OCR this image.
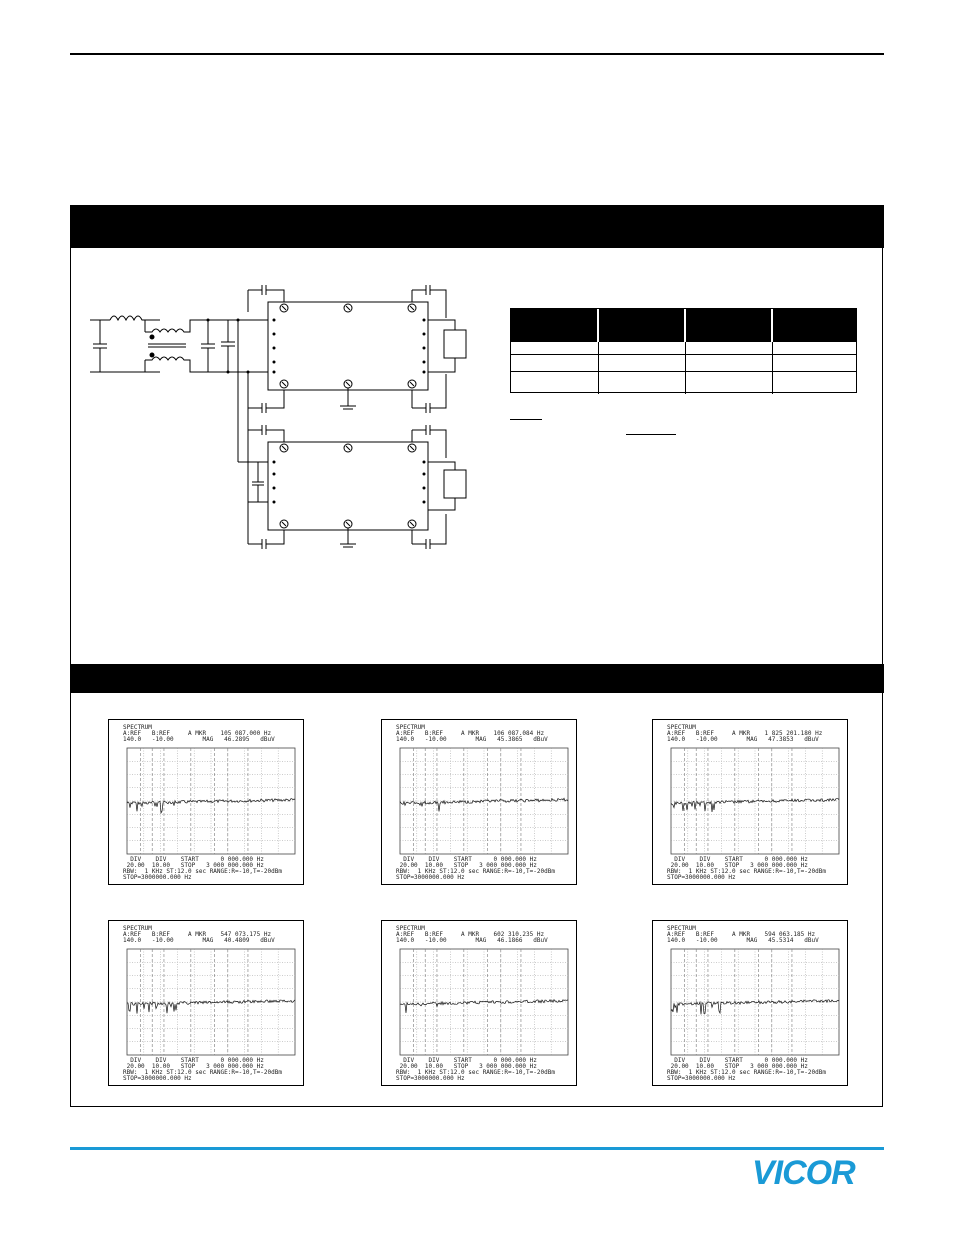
SPECTRUM
A:REF   B:REF     A MKR    105 087.000 Hz
140.0   -10.00        MAG   46.2895   dBuV
DIV    DIV    START      0 000.000 Hz
20.00  10.00   STOP   3 000 000.000 Hz
RBW:  1 KHz ST:12.0 sec RANGE:R=-10,T=-20dBm
STOP=3000000.000 Hz
SPECTRUM
A:REF   B:REF     A MKR    106 087.084 Hz
140.0   -10.00        MAG   45.3865   dBuV
DIV    DIV    START      0 000.000 Hz
20.00  10.00   STOP   3 000 000.000 Hz
RBW:  1 KHz ST:12.0 sec RANGE:R=-10,T=-20dBm
STOP=3000000.000 Hz
SPECTRUM
A:REF   B:REF     A MKR    1 825 201.180 Hz
140.0   -10.00        MAG   47.3853   dBuV
DIV    DIV    START      0 000.000 Hz
20.00  10.00   STOP   3 000 000.000 Hz
RBW:  1 KHz ST:12.0 sec RANGE:R=-10,T=-20dBm
STOP=3000000.000 Hz
SPECTRUM
A:REF   B:REF     A MKR    547 073.175 Hz
140.0   -10.00        MAG   40.4809   dBuV
DIV    DIV    START      0 000.000 Hz
20.00  10.00   STOP   3 000 000.000 Hz
RBW:  1 KHz ST:12.0 sec RANGE:R=-10,T=-20dBm
STOP=3000000.000 Hz
SPECTRUM
A:REF   B:REF     A MKR    602 310.235 Hz
140.0   -10.00        MAG   46.1866   dBuV
DIV    DIV    START      0 000.000 Hz
20.00  10.00   STOP   3 000 000.000 Hz
RBW:  1 KHz ST:12.0 sec RANGE:R=-10,T=-20dBm
STOP=3000000.000 Hz
SPECTRUM
A:REF   B:REF     A MKR    594 063.185 Hz
140.0   -10.00        MAG   45.5314   dBuV
DIV    DIV    START      0 000.000 Hz
20.00  10.00   STOP   3 000 000.000 Hz
RBW:  1 KHz ST:12.0 sec RANGE:R=-10,T=-20dBm
STOP=3000000.000 Hz
VICOR
